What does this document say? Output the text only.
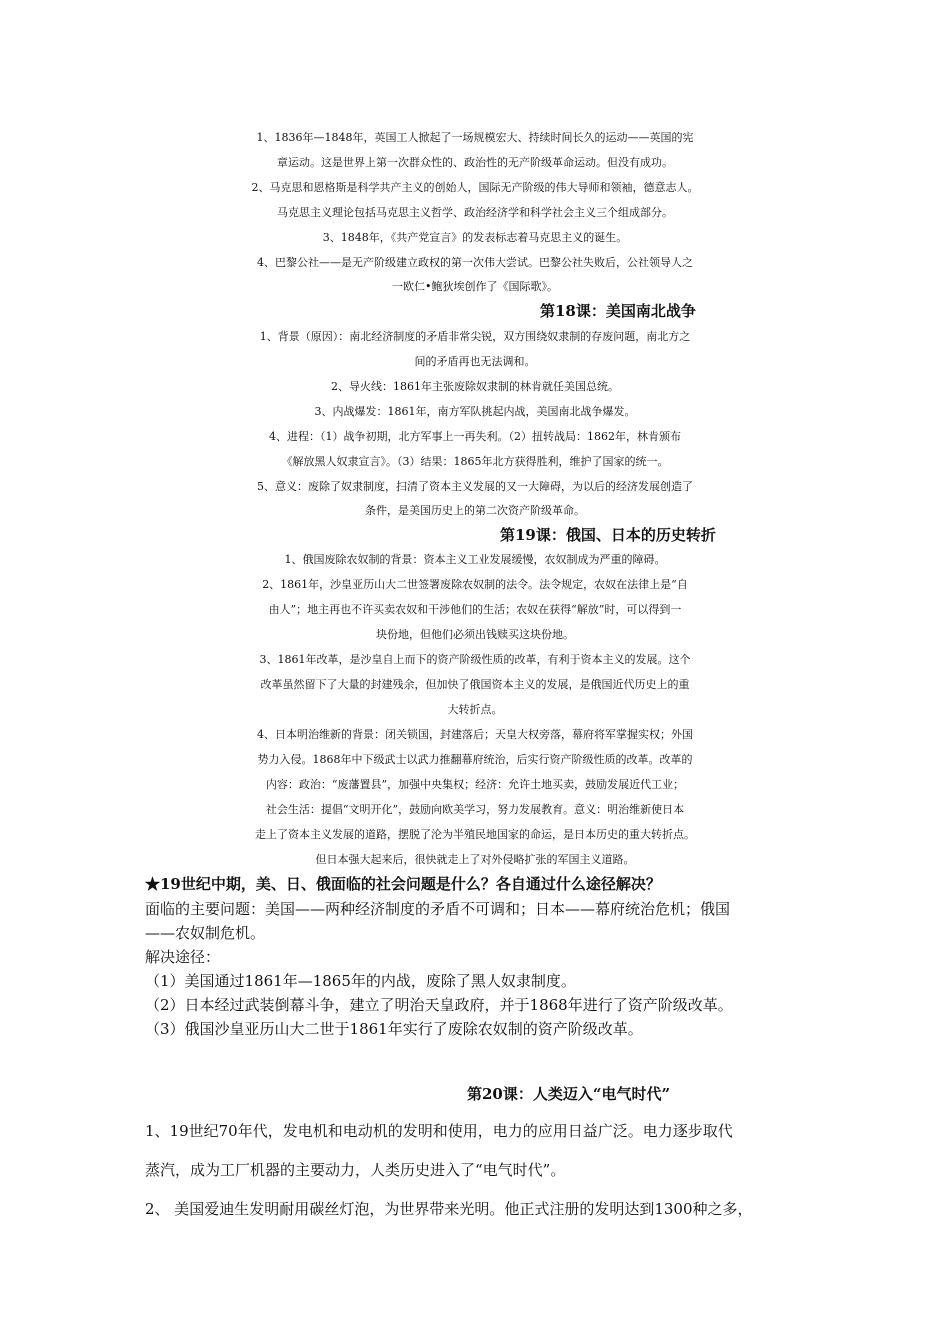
1、1836年—1848年，英国工人掀起了一场规模宏大、持续时间长久的运动——英国的宪
章运动。这是世界上第一次群众性的、政治性的无产阶级革命运动。但没有成功。
2、马克思和恩格斯是科学共产主义的创始人，国际无产阶级的伟大导师和领袖，德意志人。
马克思主义理论包括马克思主义哲学、政治经济学和科学社会主义三个组成部分。
3、1848年，《共产党宣言》的发表标志着马克思主义的诞生。
4、巴黎公社——是无产阶级建立政权的第一次伟大尝试。巴黎公社失败后，公社领导人之
一欧仁•鲍狄埃创作了《国际歌》。
第18课：美国南北战争
1、背景（原因）：南北经济制度的矛盾非常尖锐，双方围绕奴隶制的存废问题，南北方之
间的矛盾再也无法调和。
2、导火线：1861年主张废除奴隶制的林肯就任美国总统。
3、内战爆发：1861年，南方军队挑起内战，美国南北战争爆发。
4、进程：（1）战争初期，北方军事上一再失利。（2）扭转战局：1862年，林肯颁布
《解放黑人奴隶宣言》。（3）结果：1865年北方获得胜利，维护了国家的统一。
5、意义：废除了奴隶制度，扫清了资本主义发展的又一大障碍，为以后的经济发展创造了
条件，是美国历史上的第二次资产阶级革命。
第19课：俄国、日本的历史转折
1、俄国废除农奴制的背景：资本主义工业发展缓慢，农奴制成为严重的障碍。
2、1861年，沙皇亚历山大二世签署废除农奴制的法令。法令规定，农奴在法律上是“自
由人”；地主再也不许买卖农奴和干涉他们的生活；农奴在获得“解放”时，可以得到一
块份地，但他们必须出钱赎买这块份地。
3、1861年改革，是沙皇自上而下的资产阶级性质的改革，有利于资本主义的发展。这个
改革虽然留下了大量的封建残余，但加快了俄国资本主义的发展，是俄国近代历史上的重
大转折点。
4、日本明治维新的背景：闭关锁国，封建落后；天皇大权旁落，幕府将军掌握实权；外国
势力入侵。1868年中下级武士以武力推翻幕府统治，后实行资产阶级性质的改革。改革的
内容：政治：“废藩置县”，加强中央集权；经济：允许土地买卖，鼓励发展近代工业；
社会生活：提倡“文明开化”，鼓励向欧美学习，努力发展教育。意义：明治维新使日本
走上了资本主义发展的道路，摆脱了沦为半殖民地国家的命运，是日本历史的重大转折点。
但日本强大起来后，很快就走上了对外侵略扩张的军国主义道路。
★19世纪中期，美、日、俄面临的社会问题是什么？各自通过什么途径解决？
面临的主要问题：美国——两种经济制度的矛盾不可调和；日本——幕府统治危机；俄国
——农奴制危机。
解决途径：
（1）美国通过1861年—1865年的内战，废除了黑人奴隶制度。
（2）日本经过武装倒幕斗争，建立了明治天皇政府，并于1868年进行了资产阶级改革。
（3）俄国沙皇亚历山大二世于1861年实行了废除农奴制的资产阶级改革。
第20课：人类迈入“电气时代”
1、19世纪70年代，发电机和电动机的发明和使用，电力的应用日益广泛。电力逐步取代
蒸汽，成为工厂机器的主要动力，人类历史进入了“电气时代”。
2、 美国爱迪生发明耐用碳丝灯泡，为世界带来光明。他正式注册的发明达到1300种之多，
